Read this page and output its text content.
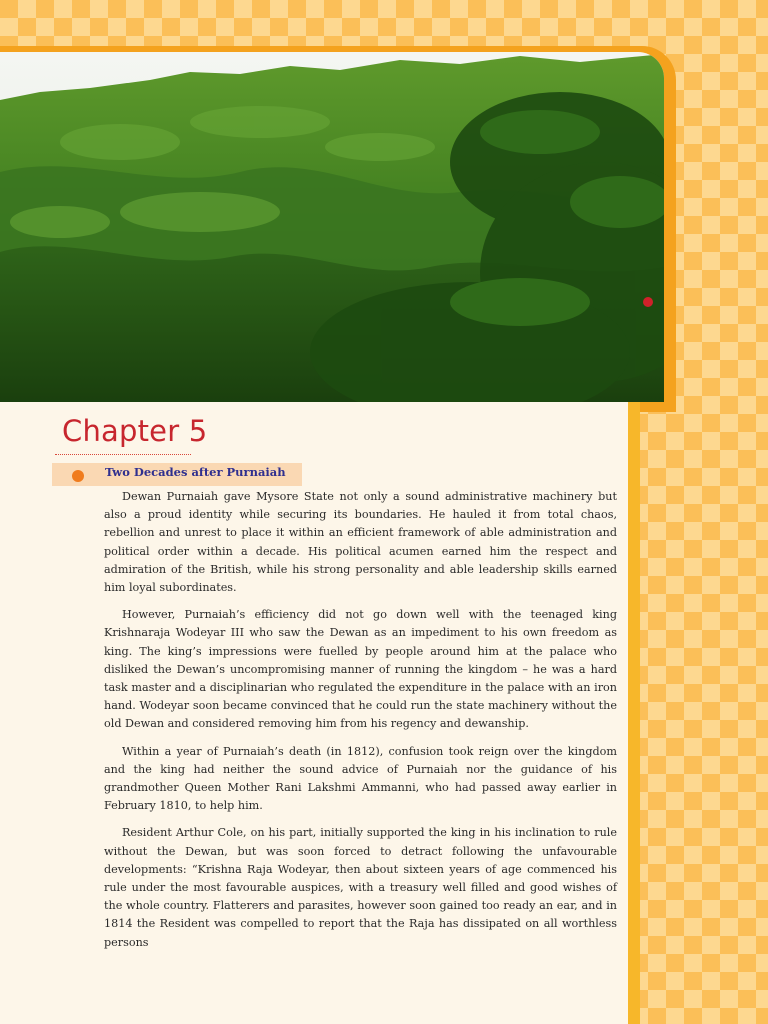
Chapter 5
Two Decades after Purnaiah

Dewan Purnaiah gave Mysore State not only a sound administrative machinery but also a proud identity while securing its boundaries. He hauled it from total chaos, rebellion and unrest to place it within an efficient framework of able administration and political order within a decade. His political acumen earned him the respect and admiration of the British, while his strong personality and able leadership skills earned him loyal subordinates.

However, Purnaiah’s efficiency did not go down well with the teenaged king Krishnaraja Wodeyar III who saw the Dewan as an impediment to his own freedom as king. The king’s impressions were fuelled by people around him at the palace who disliked the Dewan’s uncompromising manner of running the kingdom – he was a hard task master and a disciplinarian who regulated the expenditure in the palace with an iron hand. Wodeyar soon became convinced that he could run the state machinery without the old Dewan and considered removing him from his regency and dewanship.

Within a year of Purnaiah’s death (in 1812), confusion took reign over the kingdom and the king had neither the sound advice of Purnaiah nor the guidance of his grandmother Queen Mother Rani Lakshmi Ammanni, who had passed away earlier in February 1810, to help him.

Resident Arthur Cole, on his part, initially supported the king in his inclination to rule without the Dewan, but was soon forced to detract following the unfavourable developments: “Krishna Raja Wodeyar, then about sixteen years of age commenced his rule under the most favourable auspices, with a treasury well filled and good wishes of the whole country. Flatterers and parasites, however soon gained too ready an ear, and in 1814 the Resident was compelled to report that the Raja has dissipated on all worthless persons
